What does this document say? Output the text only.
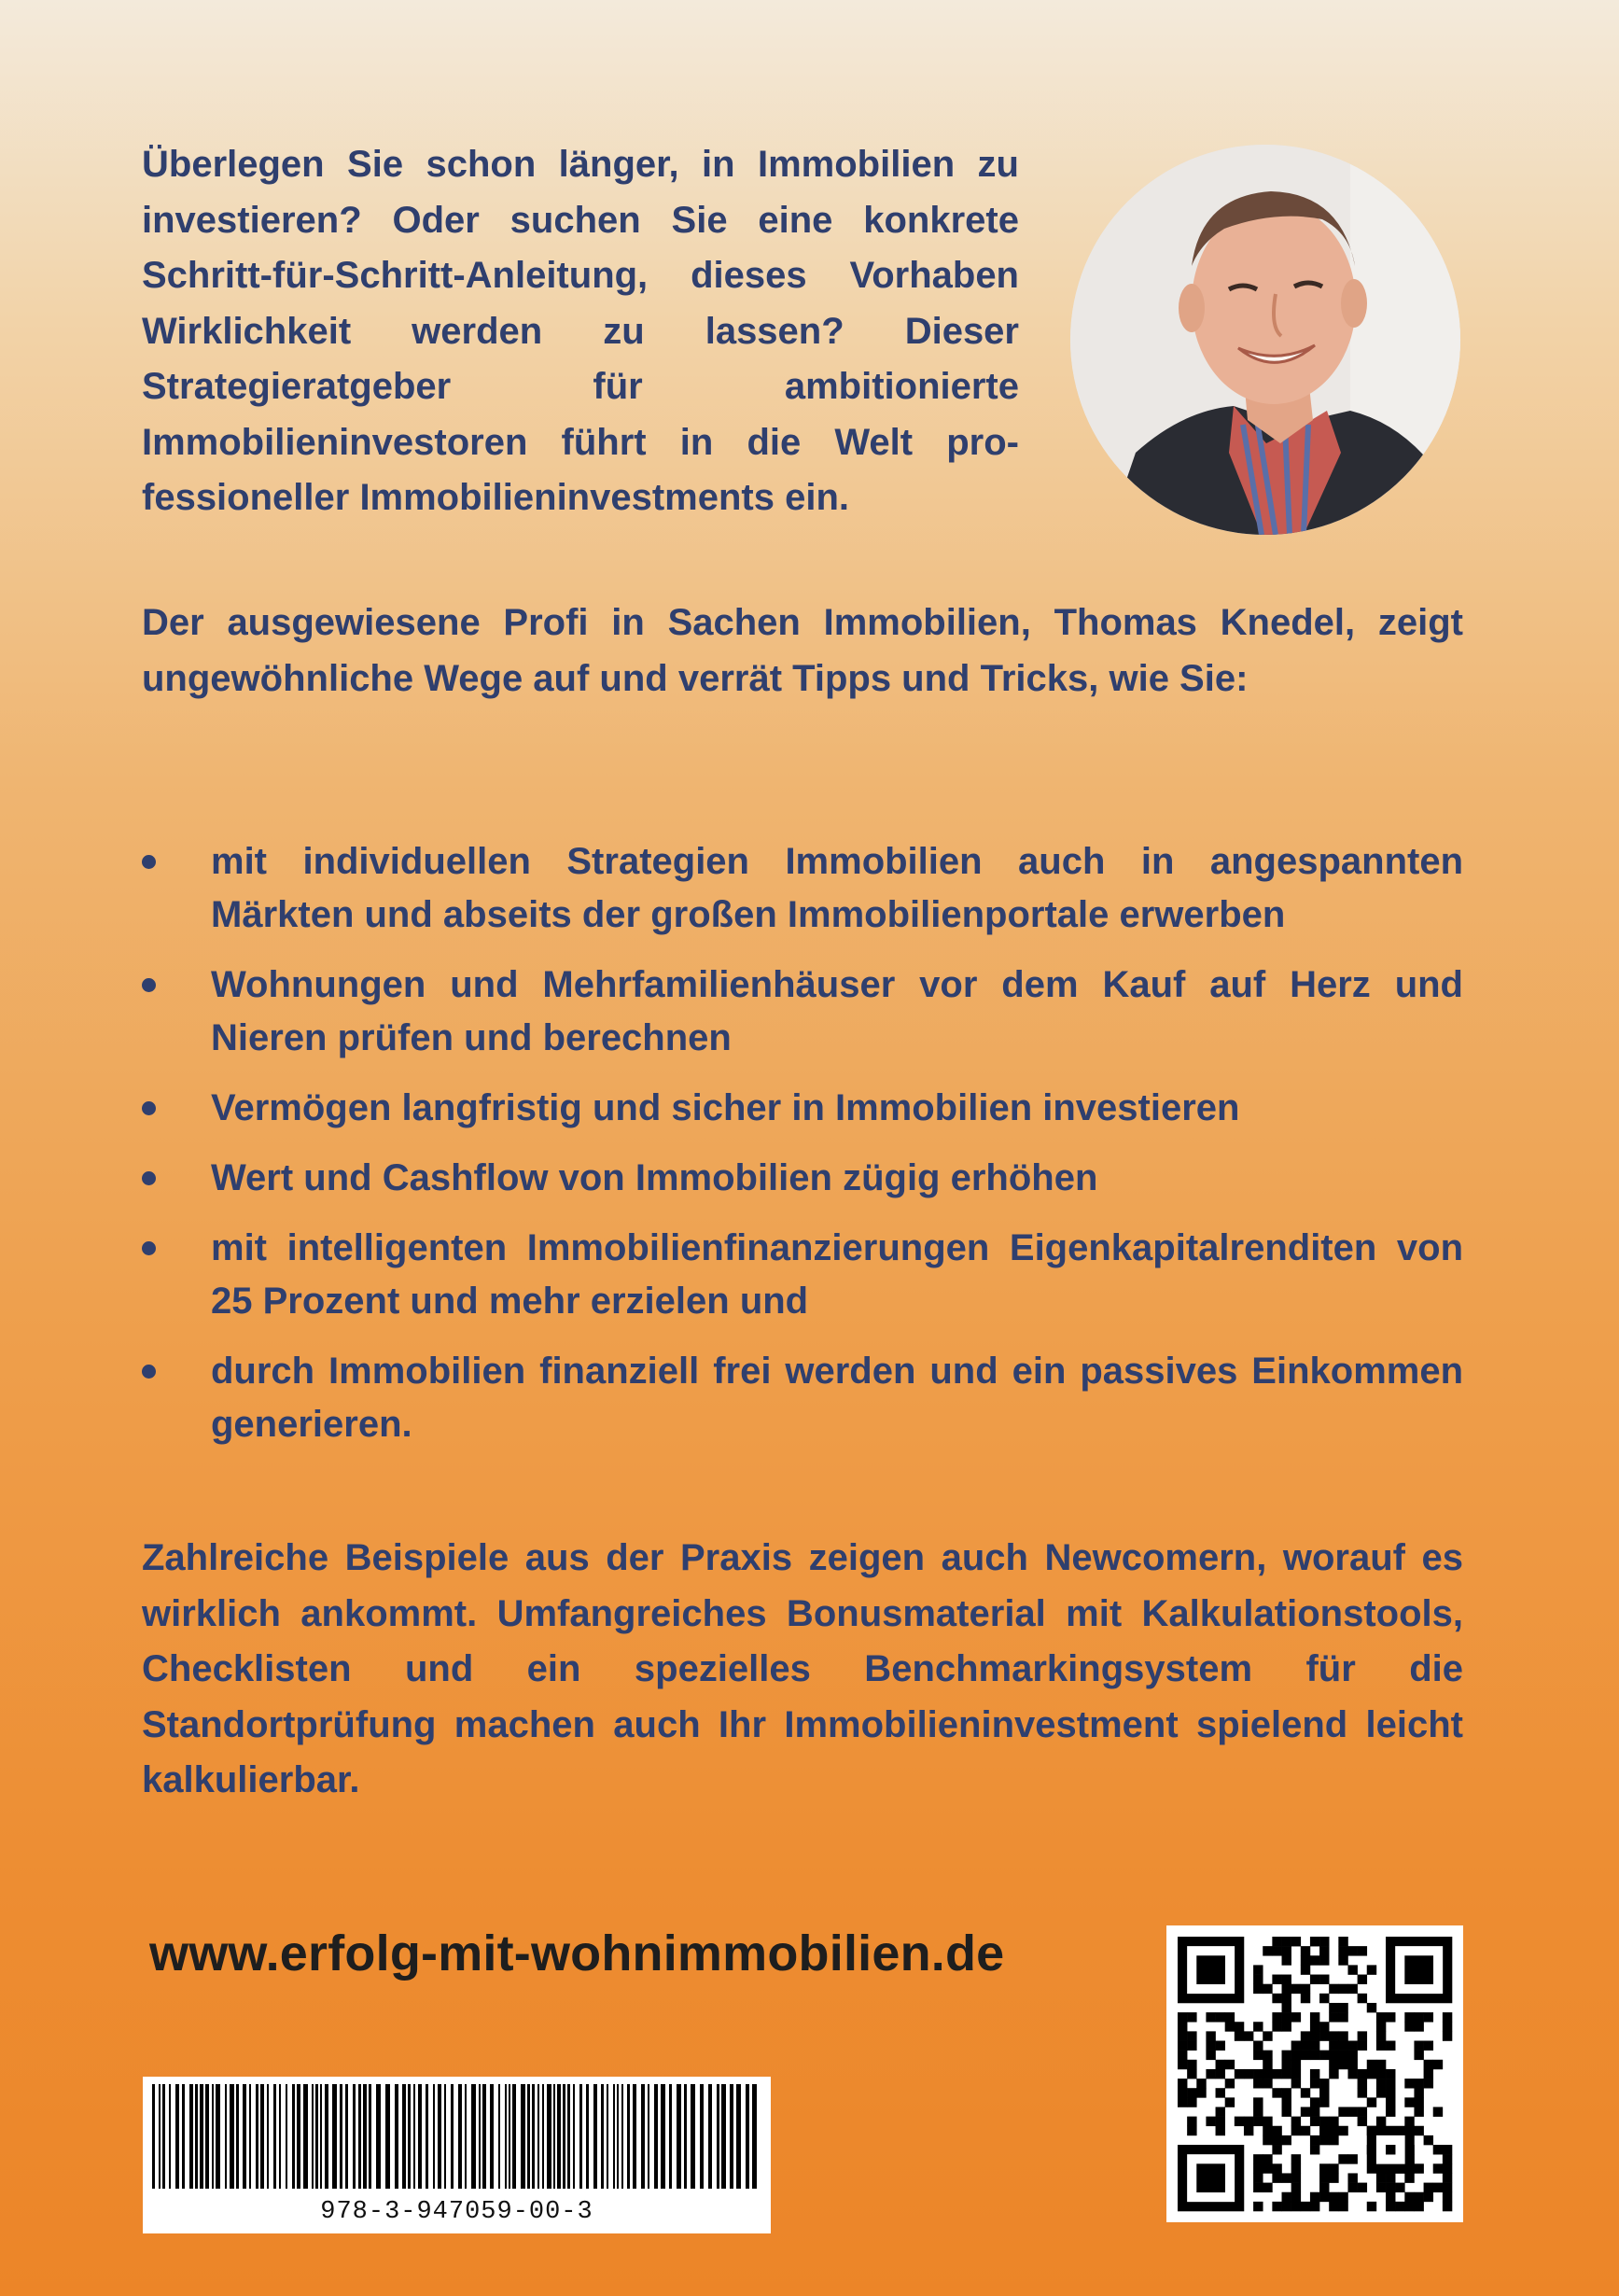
Überlegen Sie schon länger, in Immobilien zu investieren? Oder suchen Sie eine konkrete Schritt-für-Schritt-Anleitung, dieses Vorhaben Wirklichkeit werden zu lassen? Dieser Strategieratgeber für ambitionierte Immobilieninvestoren führt in die Welt professioneller Immobilieninvestments ein.

Der ausgewiesene Profi in Sachen Immobilien, Thomas Knedel, zeigt ungewöhnliche Wege auf und verrät Tipps und Tricks, wie Sie:

mit individuellen Strategien Immobilien auch in angespannten Märkten und abseits der großen Immobilienportale erwerben
Wohnungen und Mehrfamilienhäuser vor dem Kauf auf Herz und Nieren prüfen und berechnen
Vermögen langfristig und sicher in Immobilien investieren
Wert und Cashflow von Immobilien zügig erhöhen
mit intelligenten Immobilienfinanzierungen Eigenkapitalrenditen von 25 Prozent und mehr erzielen und
durch Immobilien finanziell frei werden und ein passives Einkommen generieren.

Zahlreiche Beispiele aus der Praxis zeigen auch Newcomern, worauf es wirklich ankommt. Umfangreiches Bonusmaterial mit Kalkulationstools, Checklisten und ein spezielles Benchmarkingsystem für die Standortprüfung machen auch Ihr Immobilieninvestment spielend leicht kalkulierbar.

www.erfolg-mit-wohnimmobilien.de

978-3-947059-00-3
